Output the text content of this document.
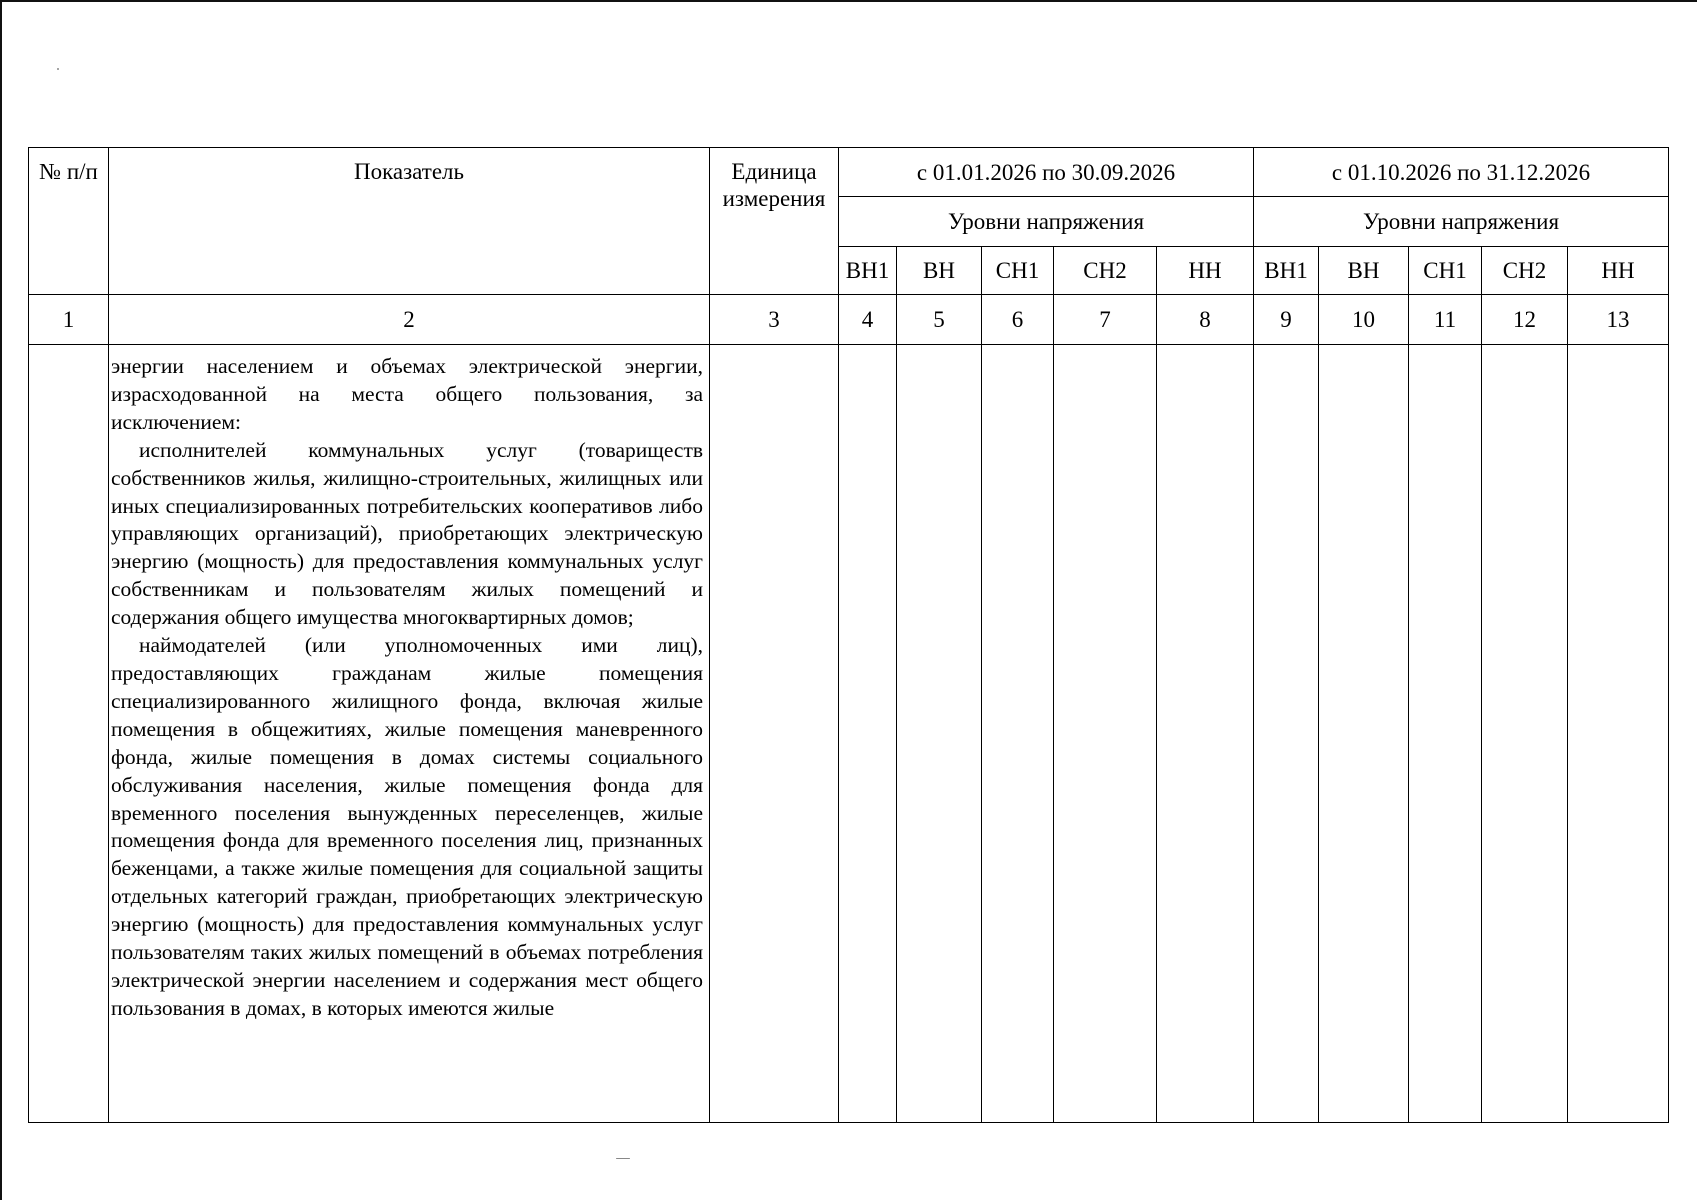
№ п/п	Показатель	Единица измерения	с 01.01.2026 по 30.09.2026					с 01.10.2026 по 31.12.2026				
			Уровни напряжения					Уровни напряжения				
			ВН1	ВН	СН1	СН2	НН	ВН1	ВН	СН1	СН2	НН
1	2	3	4	5	6	7	8	9	10	11	12	13

	энергии населением и объемах электрической энергии, израсходованной на места общего пользования, за исключением:

исполнителей коммунальных услуг (товариществ собственников жилья, жилищно-строительных, жилищных или иных специализированных потребительских кооперативов либо управляющих организаций), приобретающих электрическую энергию (мощность) для предоставления коммунальных услуг собственникам и пользователям жилых помещений и содержания общего имущества многоквартирных домов;

наймодателей (или уполномоченных ими лиц), предоставляющих гражданам жилые помещения специализированного жилищного фонда, включая жилые помещения в общежитиях, жилые помещения маневренного фонда, жилые помещения в домах системы социального обслуживания населения, жилые помещения фонда для временного поселения вынужденных переселенцев, жилые помещения фонда для временного поселения лиц, признанных беженцами, а также жилые помещения для социальной защиты отдельных категорий граждан, приобретающих электрическую энергию (мощность) для предоставления коммунальных услуг пользователям таких жилых помещений в объемах потребления электрической энергии населением и содержания мест общего пользования в домах, в которых имеются жилые											
